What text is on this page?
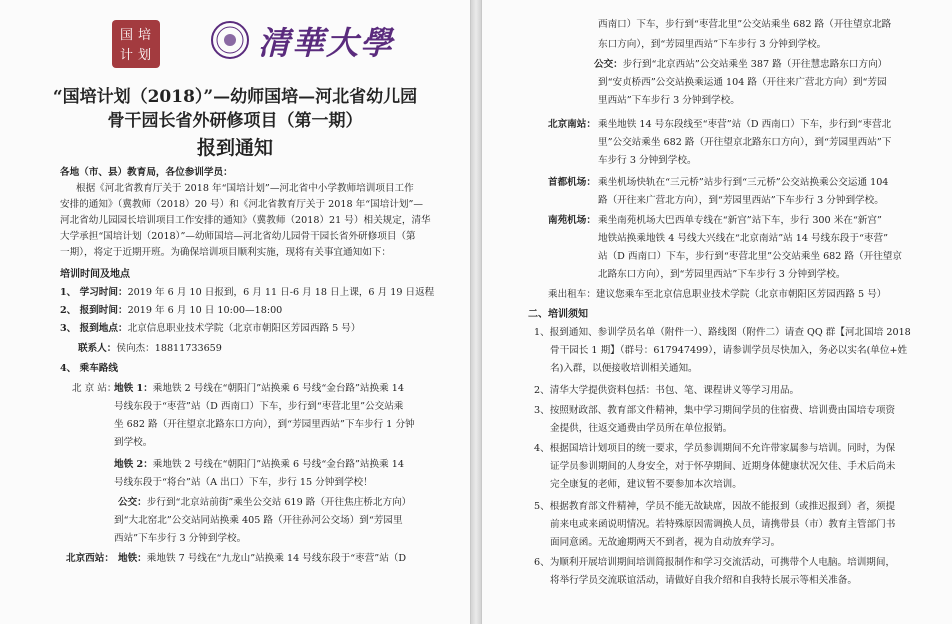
国 培
计 划	清華大學
“国培计划（2018）”—幼师国培—河北省幼儿园
骨干园长省外研修项目（第一期）
报到通知
各地（市、县）教育局，各位参训学员：
根据《河北省教育厅关于 2018 年“国培计划”—河北省中小学教师培训项目工作
安排的通知》（冀教师（2018）20 号）和《河北省教育厅关于 2018 年“国培计划”—
河北省幼儿园园长培训项目工作安排的通知》（冀教师（2018）21 号）相关规定，清华
大学承担“国培计划（2018）”—幼师国培—河北省幼儿园骨干园长省外研修项目（第
一期），将定于近期开班。为确保培训项目顺利实施，现将有关事宜通知如下：
培训时间及地点
1、 学习时间：2019 年 6 月 10 日报到，6 月 11 日-6 月 18 日上课，6 月 19 日返程
2、 报到时间：2019 年 6 月 10 日 10:00—18:00
3、 报到地点：北京信息职业技术学院（北京市朝阳区芳园西路 5 号）
联系人：侯向杰：18811733659
4、 乘车路线
北 京 站：
地铁 1：乘地铁 2 号线在“朝阳门”站换乘 6 号线“金台路”站换乘 14
号线东段于“枣营”站（D 西南口）下车，步行到“枣营北里”公交站乘
坐 682 路（开往望京北路东口方向），到“芳园里西站”下车步行 1 分钟
到学校。
地铁 2：乘地铁 2 号线在“朝阳门”站换乘 6 号线“金台路”站换乘 14
号线东段于“将台”站（A 出口）下车，步行 15 分钟到学校！
公交：步行到“北京站前街”乘坐公交站 619 路（开往焦庄桥北方向）
到“大北窑北”公交站同站换乘 405 路（开往孙河公交场）到“芳园里
西站”下车步行 3 分钟到学校。
北京西站： 地铁：乘地铁 7 号线在“九龙山”站换乘 14 号线东段于“枣营”站（D
西南口）下车，步行到“枣营北里”公交站乘坐 682 路（开往望京北路
东口方向），到“芳园里西站”下车步行 3 分钟到学校。
公交：步行到“北京西站”公交站乘坐 387 路（开往慧忠路东口方向）
到“安贞桥西”公交站换乘运通 104 路（开往来广营北方向）到“芳园
里西站”下车步行 3 分钟到学校。
北京南站： 乘坐地铁 14 号东段线至“枣营”站（D 西南口）下车，步行到“枣营北
里”公交站乘坐 682 路（开往望京北路东口方向），到“芳园里西站”下
车步行 3 分钟到学校。
首都机场： 乘坐机场快轨在“三元桥”站步行到“三元桥”公交站换乘公交运通 104
路（开往来广营北方向），到“芳园里西站”下车步行 3 分钟到学校。
南苑机场： 乘坐南苑机场大巴西单专线在“新宫”站下车，步行 300 米在“新宫”
地铁站换乘地铁 4 号线大兴线在“北京南站”站 14 号线东段于“枣营”
站（D 西南口）下车，步行到“枣营北里”公交站乘坐 682 路（开往望京
北路东口方向），到“芳园里西站”下车步行 3 分钟到学校。
乘出租车：建议您乘车至北京信息职业技术学院（北京市朝阳区芳园西路 5 号）
二、培训须知
1、报到通知、参训学员名单（附件一）、路线图（附件二）请查 QQ 群【河北国培 2018
骨干园长 1 期】（群号：617947499），请参训学员尽快加入，务必以实名(单位+姓
名)入群，以便接收培训相关通知。
2、清华大学提供资料包括：书包、笔、课程讲义等学习用品。
3、按照财政部、教育部文件精神，集中学习期间学员的住宿费、培训费由国培专项资
金提供，往返交通费由学员所在单位报销。
4、根据国培计划项目的统一要求，学员参训期间不允许带家属参与培训。同时，为保
证学员参训期间的人身安全，对于怀孕期间、近期身体健康状况欠佳、手术后尚未
完全康复的老师，建议暂不要参加本次培训。
5、根据教育部文件精神，学员不能无故缺席，因故不能报到（或推迟报到）者，须提
前来电或来函说明情况。若特殊原因需调换人员，请携带县（市）教育主管部门书
面同意函。无故逾期两天不到者，视为自动放弃学习。
6、为顺利开展培训期间培训简报制作和学习交流活动，可携带个人电脑。培训期间，
将举行学员交流联谊活动，请做好自我介绍和自我特长展示等相关准备。
